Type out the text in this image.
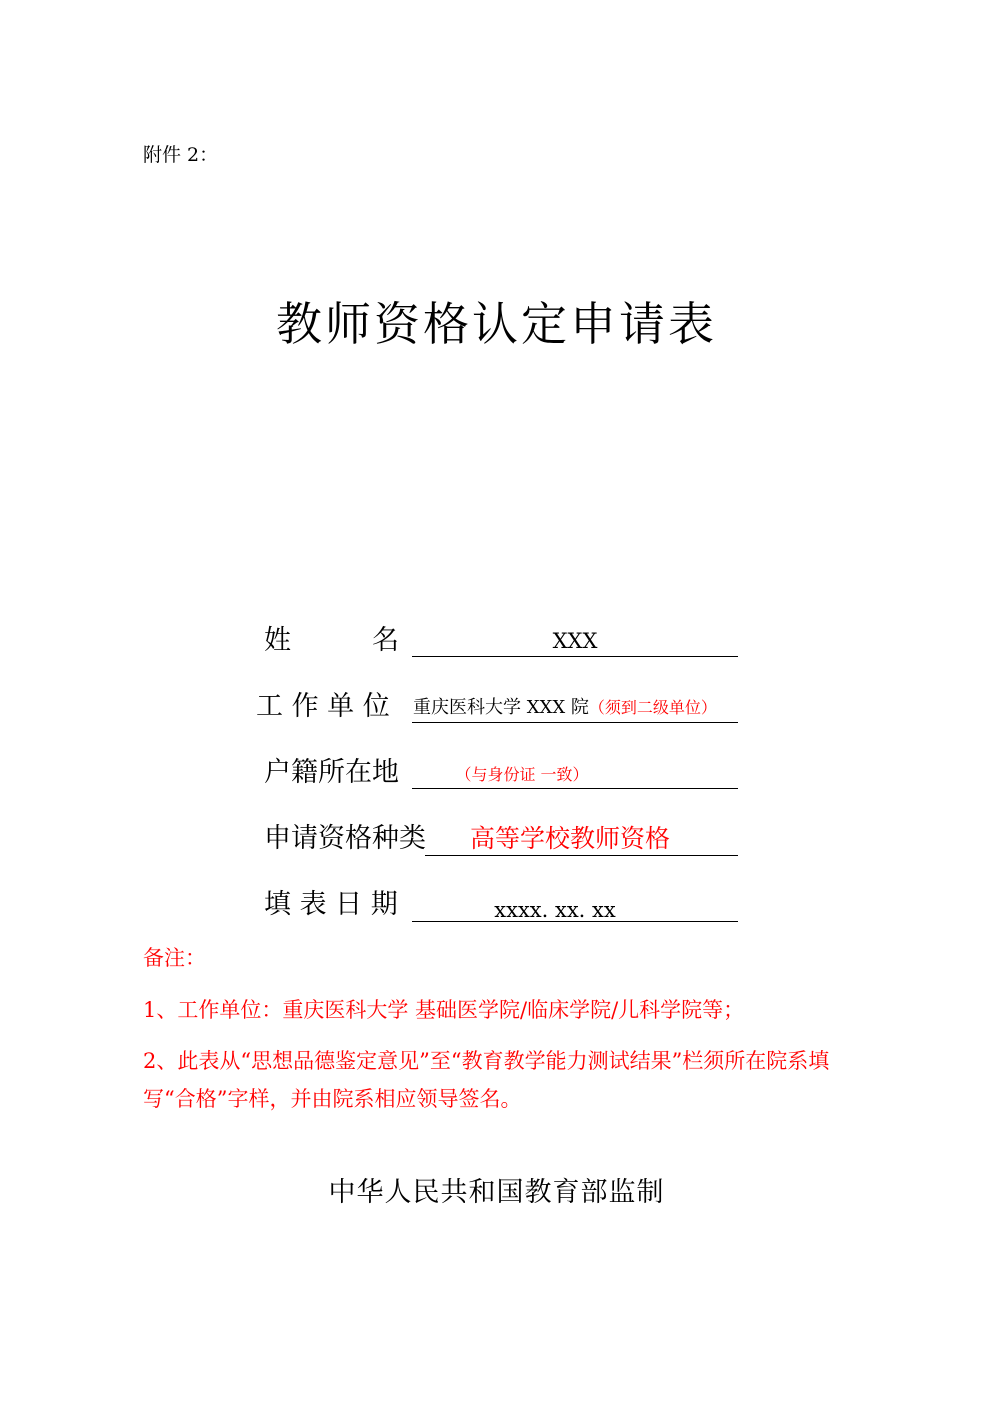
附件 2：
教师资格认定申请表
姓　　　名	XXX
工 作 单 位 重庆医科大学 XXX 院（须到二级单位）
户籍所在地	（与身份证 一致）
申请资格种类	高等学校教师资格
填 表 日 期	xxxx. xx. xx
备注：
1、工作单位：重庆医科大学 基础医学院/临床学院/儿科学院等；
2、此表从“思想品德鉴定意见”至“教育教学能力测试结果”栏须所在院系填
写“合格”字样，并由院系相应领导签名。
中华人民共和国教育部监制
